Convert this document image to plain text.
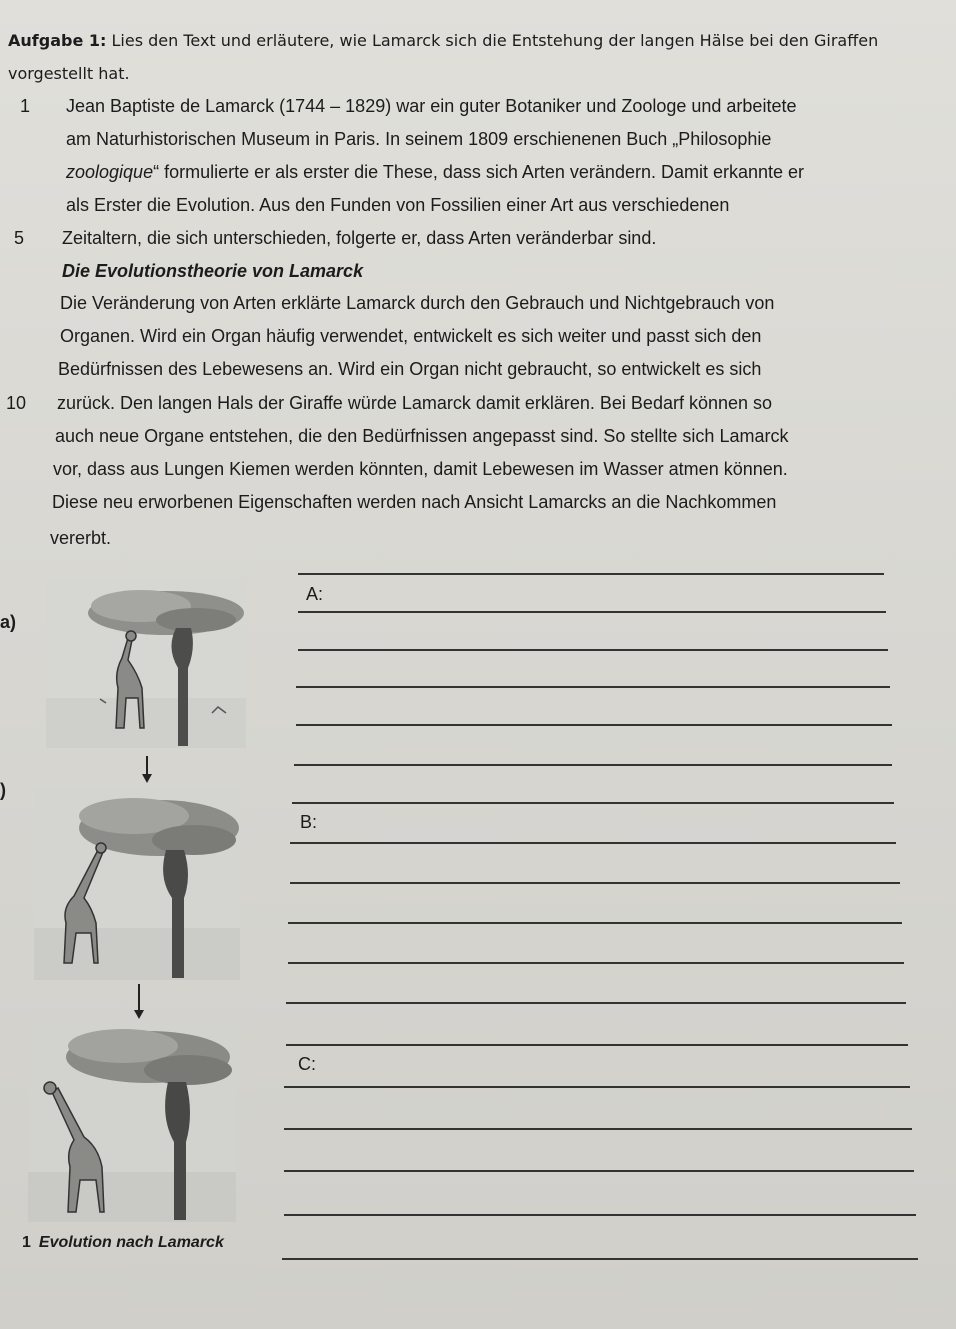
Aufgabe 1: Lies den Text und erläutere, wie Lamarck sich die Entstehung der langen Hälse bei den Giraffen
vorgestellt hat.
1 Jean Baptiste de Lamarck (1744 – 1829) war ein guter Botaniker und Zoologe und arbeitete
am Naturhistorischen Museum in Paris. In seinem 1809 erschienenen Buch „Philosophie
zoologique“ formulierte er als erster die These, dass sich Arten verändern. Damit erkannte er
als Erster die Evolution. Aus den Funden von Fossilien einer Art aus verschiedenen
5 Zeitaltern, die sich unterschieden, folgerte er, dass Arten veränderbar sind.
Die Evolutionstheorie von Lamarck
Die Veränderung von Arten erklärte Lamarck durch den Gebrauch und Nichtgebrauch von
Organen. Wird ein Organ häufig verwendet, entwickelt es sich weiter und passt sich den
Bedürfnissen des Lebewesens an. Wird ein Organ nicht gebraucht, so entwickelt es sich
10 zurück. Den langen Hals der Giraffe würde Lamarck damit erklären. Bei Bedarf können so
auch neue Organe entstehen, die den Bedürfnissen angepasst sind. So stellte sich Lamarck
vor, dass aus Lungen Kiemen werden könnten, damit Lebewesen im Wasser atmen können.
Diese neu erworbenen Eigenschaften werden nach Ansicht Lamarcks an die Nachkommen
vererbt.
a)
)
1 Evolution nach Lamarck
A:
B:
C:
